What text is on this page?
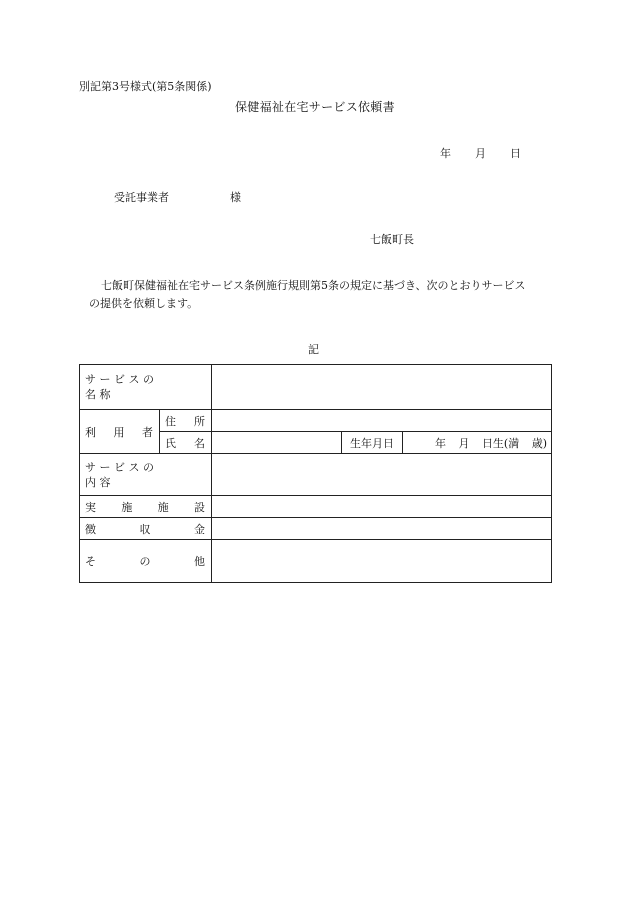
別記第3号様式(第5条関係)
保健福祉在宅サービス依頼書
年 月 日
受託事業者	様
七飯町長
七飯町保健福祉在宅サービス条例施行規則第5条の規定に基づき、次のとおりサービス
の提供を依頼します。
記
サ ー ビ ス の
名 称				

利 用 者	住 所			

	氏 名		生年月日	年 月 日生(満 歳)

サ ー ビ ス の
内 容				

実 施 施 設				

徴 収 金				

そ の 他				
